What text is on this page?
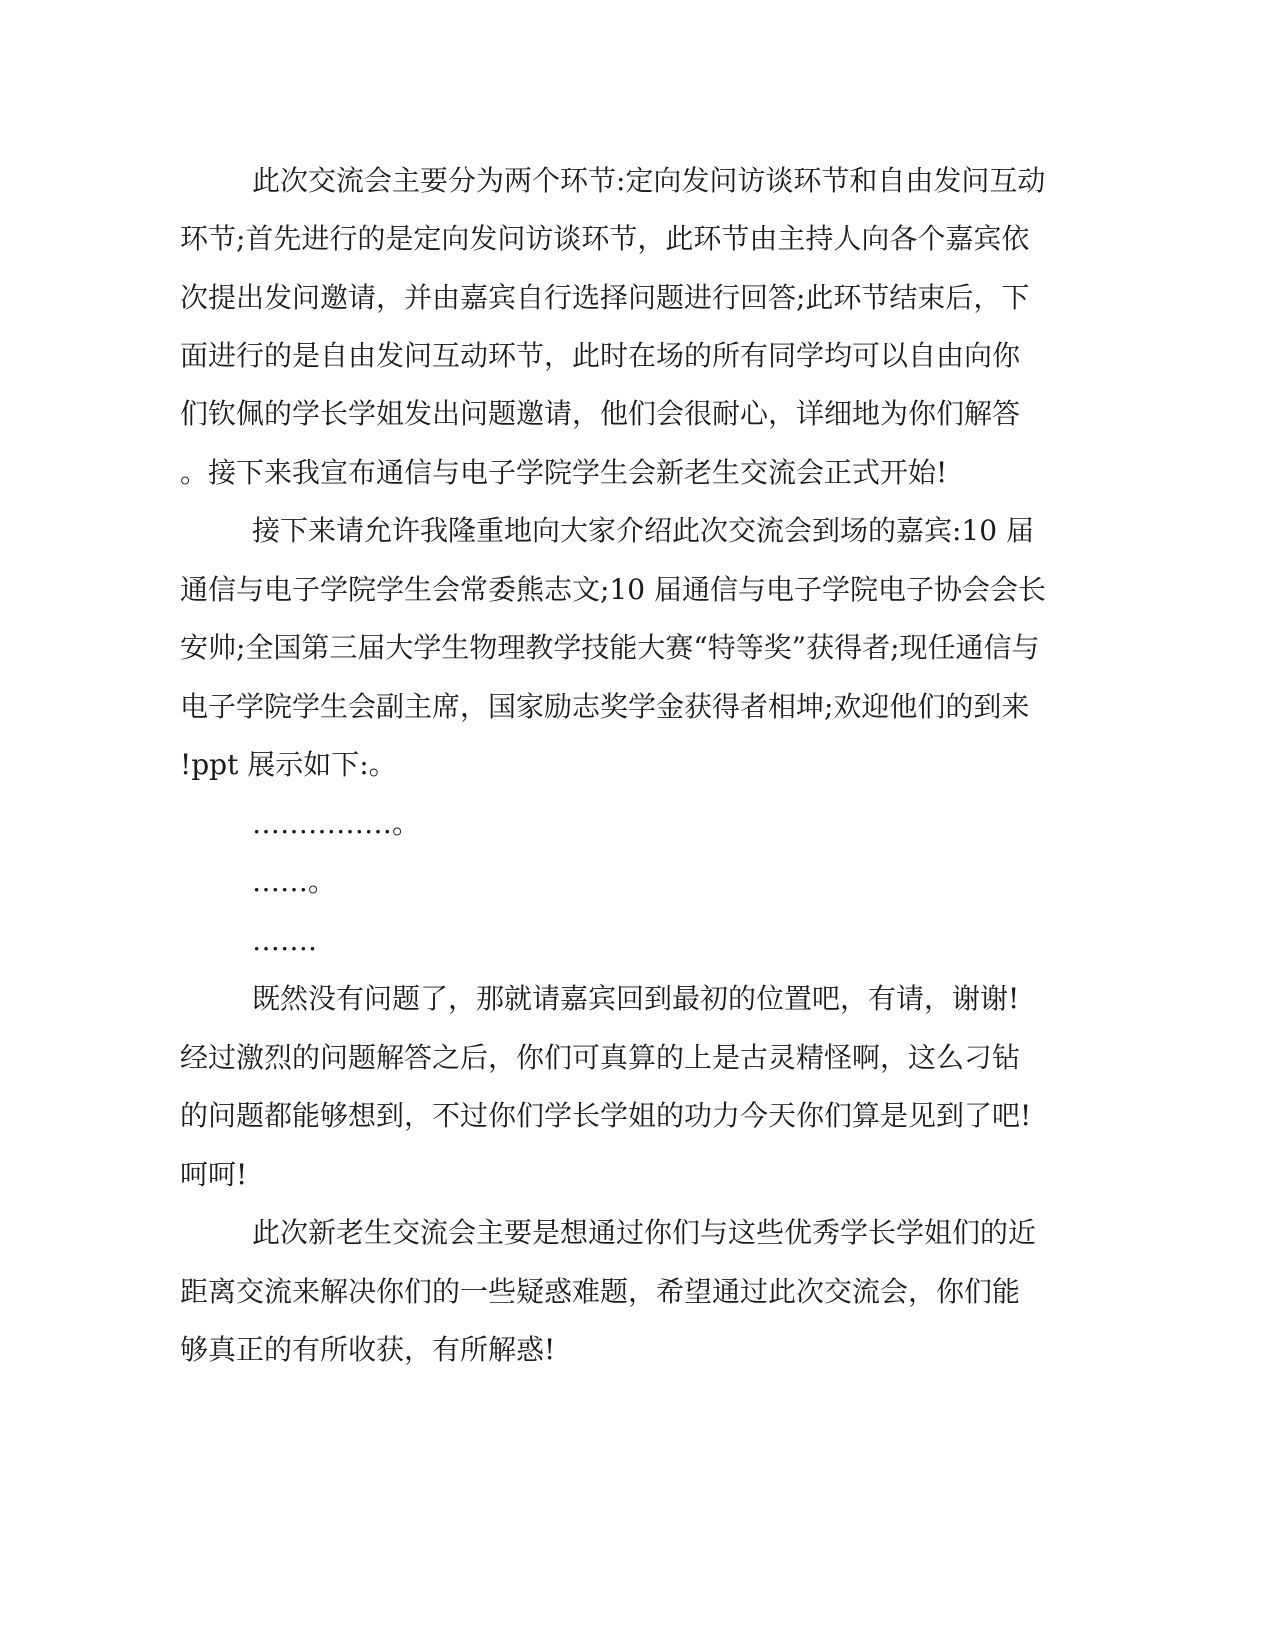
此次交流会主要分为两个环节:定向发问访谈环节和自由发问互动

环节;首先进行的是定向发问访谈环节，此环节由主持人向各个嘉宾依

次提出发问邀请，并由嘉宾自行选择问题进行回答;此环节结束后，下

面进行的是自由发问互动环节，此时在场的所有同学均可以自由向你

们钦佩的学长学姐发出问题邀请，他们会很耐心，详细地为你们解答

。接下来我宣布通信与电子学院学生会新老生交流会正式开始!

接下来请允许我隆重地向大家介绍此次交流会到场的嘉宾:10 届

通信与电子学院学生会常委熊志文;10 届通信与电子学院电子协会会长

安帅;全国第三届大学生物理教学技能大赛“特等奖”获得者;现任通信与

电子学院学生会副主席，国家励志奖学金获得者相坤;欢迎他们的到来

!ppt 展示如下:。

……………。

……。

…….

既然没有问题了，那就请嘉宾回到最初的位置吧，有请，谢谢!

经过激烈的问题解答之后，你们可真算的上是古灵精怪啊，这么刁钻

的问题都能够想到，不过你们学长学姐的功力今天你们算是见到了吧!

呵呵!

此次新老生交流会主要是想通过你们与这些优秀学长学姐们的近

距离交流来解决你们的一些疑惑难题，希望通过此次交流会，你们能

够真正的有所收获，有所解惑!
